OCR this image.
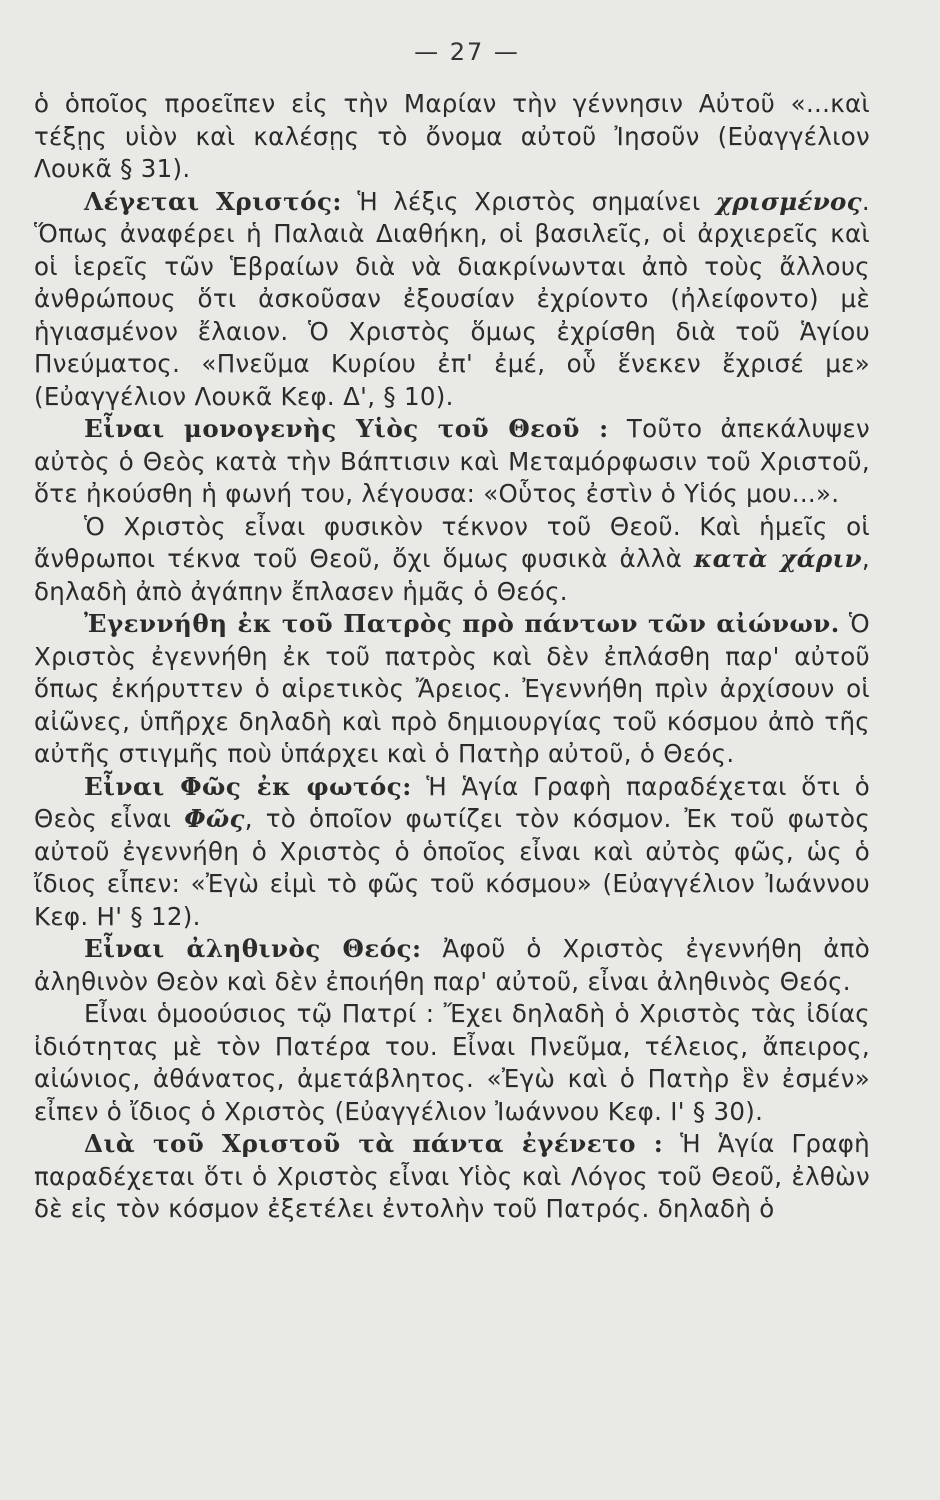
— 27 —

ὁ ὁποῖος προεῖπεν εἰς τὴν Μαρίαν τὴν γέννησιν Αὐτοῦ «...καὶ τέξῃς υἱὸν καὶ καλέσῃς τὸ ὄνομα αὐτοῦ Ἰησοῦν (Εὐαγγέλιον Λουκᾶ § 31).

Λέγεται Χριστός: Ἡ λέξις Χριστὸς σημαίνει χρισμένος. Ὅπως ἀναφέρει ἡ Παλαιὰ Διαθήκη, οἱ βασιλεῖς, οἱ ἀρχιερεῖς καὶ οἱ ἱερεῖς τῶν Ἑβραίων διὰ νὰ διακρίνωνται ἀπὸ τοὺς ἄλλους ἀνθρώπους ὅτι ἀσκοῦσαν ἐξουσίαν ἐχρίοντο (ἠλείφοντο) μὲ ἡγιασμένον ἔλαιον. Ὁ Χριστὸς ὅμως ἐχρίσθη διὰ τοῦ Ἁγίου Πνεύματος. «Πνεῦμα Κυρίου ἐπ' ἐμέ, οὗ ἕνεκεν ἔχρισέ με» (Εὐαγγέλιον Λουκᾶ Κεφ. Δ', § 10).

Εἶναι μονογενὴς Υἱὸς τοῦ Θεοῦ : Τοῦτο ἀπεκάλυψεν αὐτὸς ὁ Θεὸς κατὰ τὴν Βάπτισιν καὶ Μεταμόρφωσιν τοῦ Χριστοῦ, ὅτε ἠκούσθη ἡ φωνή του, λέγουσα: «Οὗτος ἐστὶν ὁ Υἱός μου...».

Ὁ Χριστὸς εἶναι φυσικὸν τέκνον τοῦ Θεοῦ. Καὶ ἡμεῖς οἱ ἄνθρωποι τέκνα τοῦ Θεοῦ, ὄχι ὅμως φυσικὰ ἀλλὰ κατὰ χάριν, δηλαδὴ ἀπὸ ἀγάπην ἔπλασεν ἡμᾶς ὁ Θεός.

Ἐγεννήθη ἐκ τοῦ Πατρὸς πρὸ πάντων τῶν αἰώνων. Ὁ Χριστὸς ἐγεννήθη ἐκ τοῦ πατρὸς καὶ δὲν ἐπλάσθη παρ' αὐτοῦ ὅπως ἐκήρυττεν ὁ αἱρετικὸς Ἄρειος. Ἐγεννήθη πρὶν ἀρχίσουν οἱ αἰῶνες, ὑπῆρχε δηλαδὴ καὶ πρὸ δημιουργίας τοῦ κόσμου ἀπὸ τῆς αὐτῆς στιγμῆς ποὺ ὑπάρχει καὶ ὁ Πατὴρ αὐτοῦ, ὁ Θεός.

Εἶναι Φῶς ἐκ φωτός: Ἡ Ἁγία Γραφὴ παραδέχεται ὅτι ὁ Θεὸς εἶναι Φῶς, τὸ ὁποῖον φωτίζει τὸν κόσμον. Ἐκ τοῦ φωτὸς αὐτοῦ ἐγεννήθη ὁ Χριστὸς ὁ ὁποῖος εἶναι καὶ αὐτὸς φῶς, ὡς ὁ ἴδιος εἶπεν: «Ἐγὼ εἰμὶ τὸ φῶς τοῦ κόσμου» (Εὐαγγέλιον Ἰωάννου Κεφ. Η' § 12).

Εἶναι ἀληθινὸς Θεός: Ἀφοῦ ὁ Χριστὸς ἐγεννήθη ἀπὸ ἀληθινὸν Θεὸν καὶ δὲν ἐποιήθη παρ' αὐτοῦ, εἶναι ἀληθινὸς Θεός.

Εἶναι ὁμοούσιος τῷ Πατρί : Ἔχει δηλαδὴ ὁ Χριστὸς τὰς ἰδίας ἰδιότητας μὲ τὸν Πατέρα του. Εἶναι Πνεῦμα, τέλειος, ἄπειρος, αἰώνιος, ἀθάνατος, ἀμετάβλητος. «Ἐγὼ καὶ ὁ Πατὴρ ἓν ἐσμέν» εἶπεν ὁ ἴδιος ὁ Χριστὸς (Εὐαγγέλιον Ἰωάννου Κεφ. Ι' § 30).

Διὰ τοῦ Χριστοῦ τὰ πάντα ἐγένετο : Ἡ Ἁγία Γραφὴ παραδέχεται ὅτι ὁ Χριστὸς εἶναι Υἱὸς καὶ Λόγος τοῦ Θεοῦ, ἐλθὼν δὲ εἰς τὸν κόσμον ἐξετέλει ἐντολὴν τοῦ Πατρός. δηλαδὴ ὁ
